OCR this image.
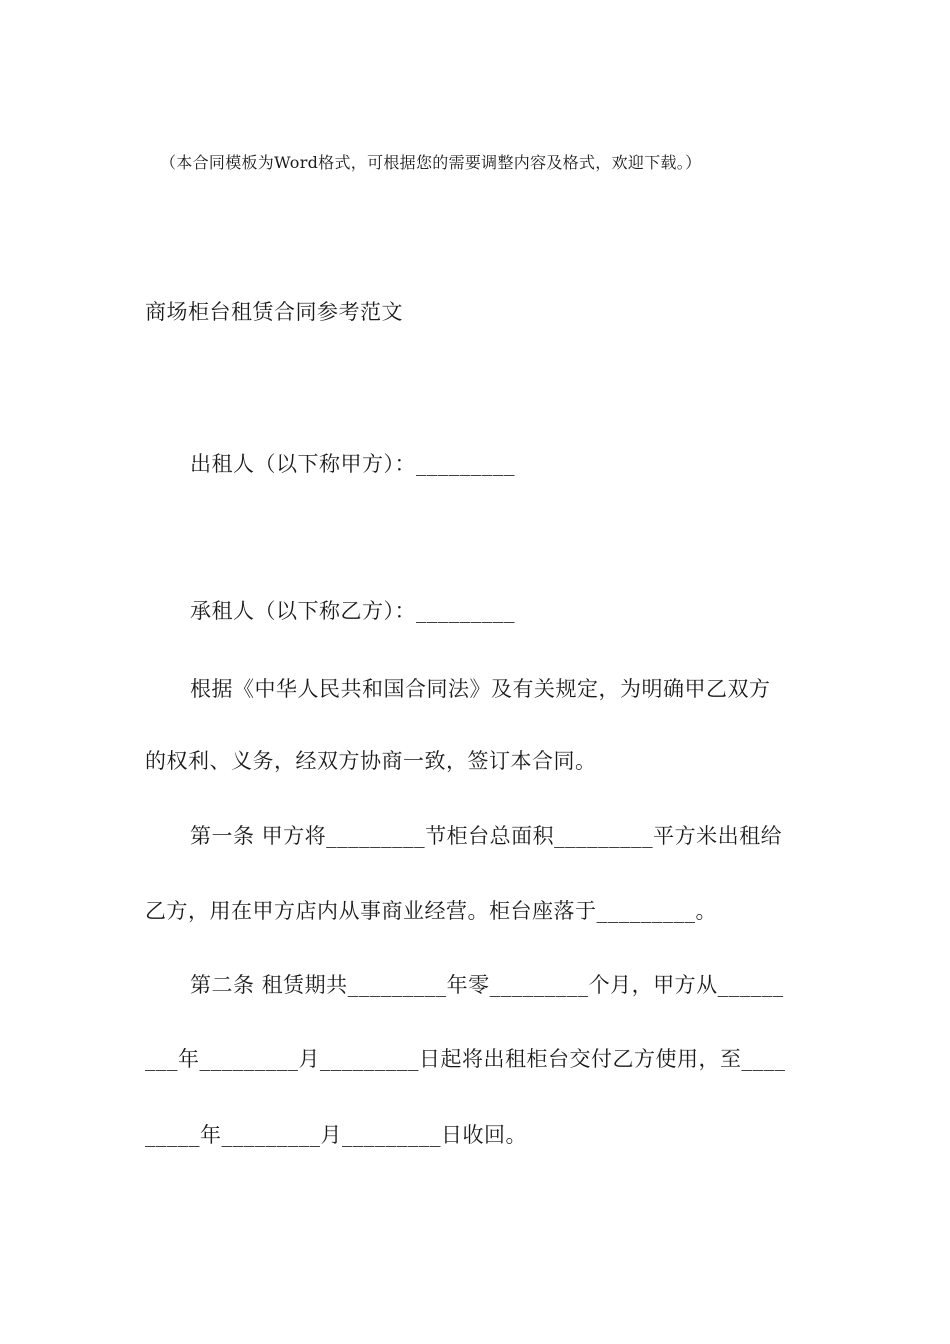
（本合同模板为Word格式，可根据您的需要调整内容及格式，欢迎下载。）
商场柜台租赁合同参考范文
出租人（以下称甲方）：_________
承租人（以下称乙方）：_________
根据《中华人民共和国合同法》及有关规定，为明确甲乙双方
的权利、义务，经双方协商一致，签订本合同。
第一条 甲方将_________节柜台总面积_________平方米出租给
乙方，用在甲方店内从事商业经营。柜台座落于_________。
第二条 租赁期共_________年零_________个月，甲方从______
___年_________月_________日起将出租柜台交付乙方使用，至____
_____年_________月_________日收回。
